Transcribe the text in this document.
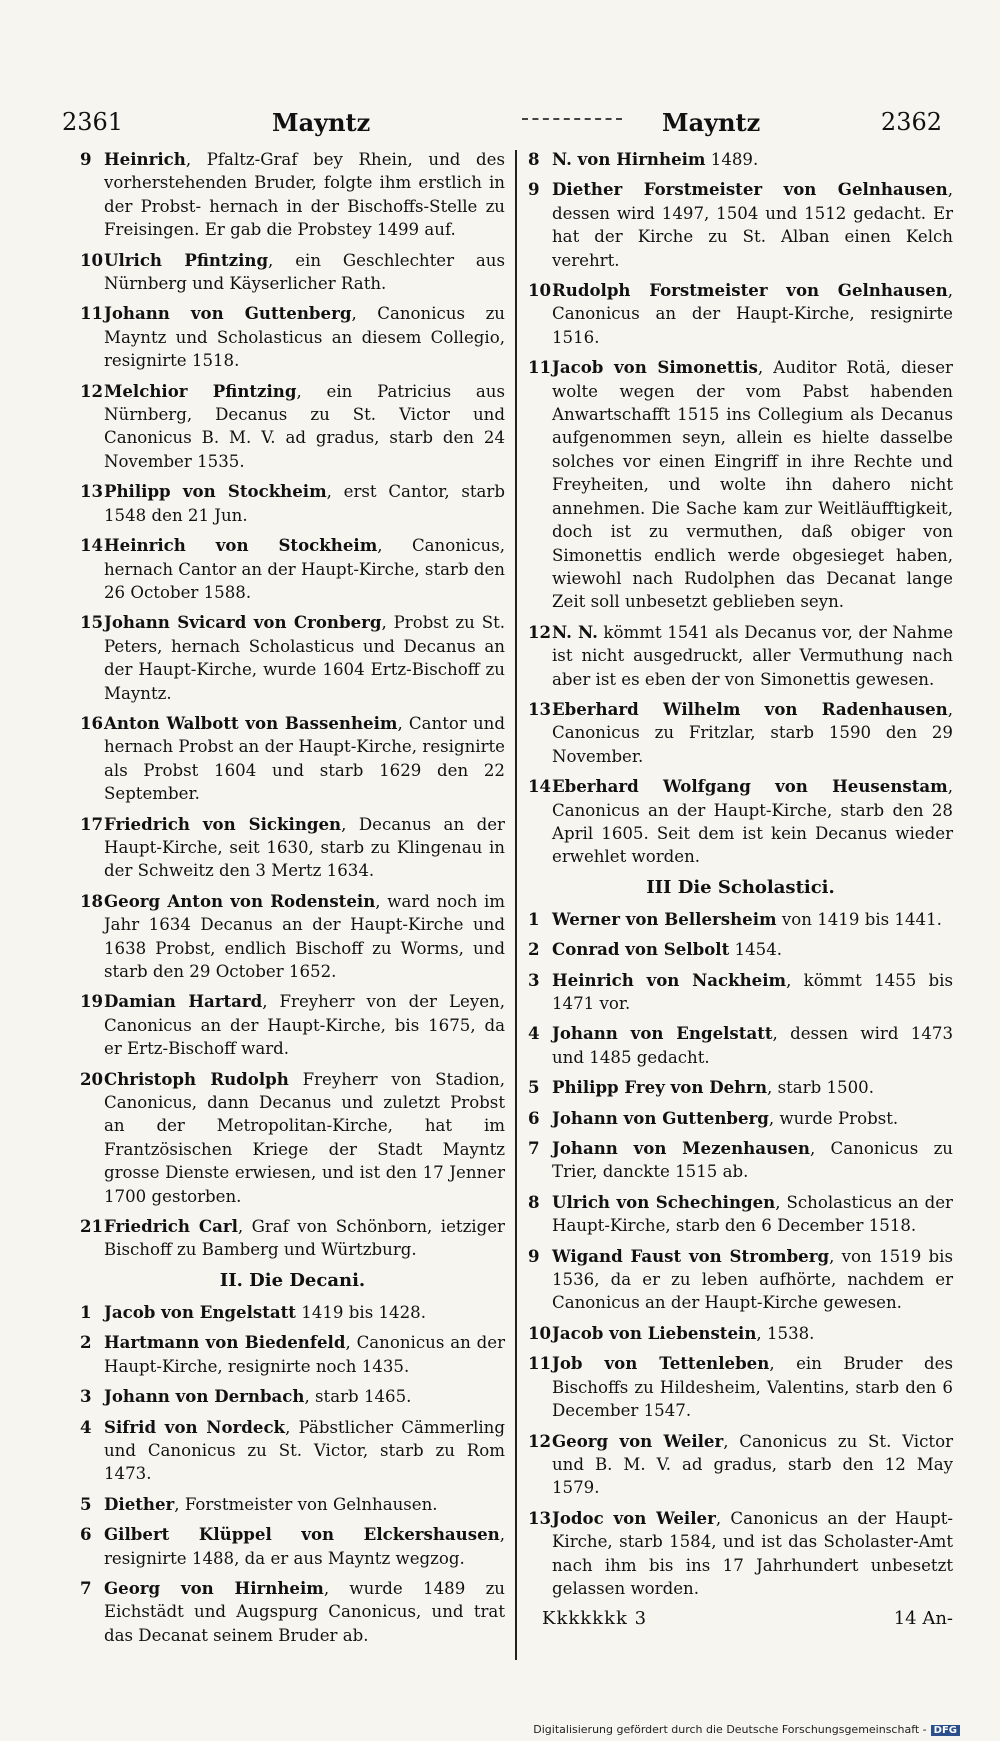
2361	Mayntz	Mayntz	2362
9 Heinrich, Pfaltz-Graf bey Rhein, und des vorherstehenden Bruder, folgte ihm erstlich in der Probst- hernach in der Bischoffs-Stelle zu Freisingen. Er gab die Probstey 1499 auf.
10Ulrich Pfintzing, ein Geschlechter aus Nürnberg und Käyserlicher Rath.
11Johann von Guttenberg, Canonicus zu Mayntz und Scholasticus an diesem Collegio, resignirte 1518.
12Melchior Pfintzing, ein Patricius aus Nürnberg, Decanus zu St. Victor und Canonicus B. M. V. ad gradus, starb den 24 November 1535.
13Philipp von Stockheim, erst Cantor, starb 1548 den 21 Jun.
14Heinrich von Stockheim, Canonicus, hernach Cantor an der Haupt-Kirche, starb den 26 October 1588.
15Johann Svicard von Cronberg, Probst zu St. Peters, hernach Scholasticus und Decanus an der Haupt-Kirche, wurde 1604 Ertz-Bischoff zu Mayntz.
16Anton Walbott von Bassenheim, Cantor und hernach Probst an der Haupt-Kirche, resignirte als Probst 1604 und starb 1629 den 22 September.
17Friedrich von Sickingen, Decanus an der Haupt-Kirche, seit 1630, starb zu Klingenau in der Schweitz den 3 Mertz 1634.
18Georg Anton von Rodenstein, ward noch im Jahr 1634 Decanus an der Haupt-Kirche und 1638 Probst, endlich Bischoff zu Worms, und starb den 29 October 1652.
19Damian Hartard, Freyherr von der Leyen, Canonicus an der Haupt-Kirche, bis 1675, da er Ertz-Bischoff ward.
20Christoph Rudolph Freyherr von Stadion, Canonicus, dann Decanus und zuletzt Probst an der Metropolitan-Kirche, hat im Frantzösischen Kriege der Stadt Mayntz grosse Dienste erwiesen, und ist den 17 Jenner 1700 gestorben.
21Friedrich Carl, Graf von Schönborn, ietziger Bischoff zu Bamberg und Würtzburg.
II. Die Decani.
1 Jacob von Engelstatt 1419 bis 1428.
2 Hartmann von Biedenfeld, Canonicus an der Haupt-Kirche, resignirte noch 1435.
3 Johann von Dernbach, starb 1465.
4 Sifrid von Nordeck, Päbstlicher Cämmerling und Canonicus zu St. Victor, starb zu Rom 1473.
5 Diether, Forstmeister von Gelnhausen.
6 Gilbert Klüppel von Elckershausen, resignirte 1488, da er aus Mayntz wegzog.
7 Georg von Hirnheim, wurde 1489 zu Eichstädt und Augspurg Canonicus, und trat das Decanat seinem Bruder ab.
8 N. von Hirnheim 1489.
9 Diether Forstmeister von Gelnhausen, dessen wird 1497, 1504 und 1512 gedacht. Er hat der Kirche zu St. Alban einen Kelch verehrt.
10Rudolph Forstmeister von Gelnhausen, Canonicus an der Haupt-Kirche, resignirte 1516.
11Jacob von Simonettis, Auditor Rotä, dieser wolte wegen der vom Pabst habenden Anwartschafft 1515 ins Collegium als Decanus aufgenommen seyn, allein es hielte dasselbe solches vor einen Eingriff in ihre Rechte und Freyheiten, und wolte ihn dahero nicht annehmen. Die Sache kam zur Weitläufftigkeit, doch ist zu vermuthen, daß obiger von Simonettis endlich werde obgesieget haben, wiewohl nach Rudolphen das Decanat lange Zeit soll unbesetzt geblieben seyn.
12N. N. kömmt 1541 als Decanus vor, der Nahme ist nicht ausgedruckt, aller Vermuthung nach aber ist es eben der von Simonettis gewesen.
13Eberhard Wilhelm von Radenhausen, Canonicus zu Fritzlar, starb 1590 den 29 November.
14Eberhard Wolfgang von Heusenstam, Canonicus an der Haupt-Kirche, starb den 28 April 1605. Seit dem ist kein Decanus wieder erwehlet worden.
III Die Scholastici.
1 Werner von Bellersheim von 1419 bis 1441.
2 Conrad von Selbolt 1454.
3 Heinrich von Nackheim, kömmt 1455 bis 1471 vor.
4 Johann von Engelstatt, dessen wird 1473 und 1485 gedacht.
5 Philipp Frey von Dehrn, starb 1500.
6 Johann von Guttenberg, wurde Probst.
7 Johann von Mezenhausen, Canonicus zu Trier, danckte 1515 ab.
8 Ulrich von Schechingen, Scholasticus an der Haupt-Kirche, starb den 6 December 1518.
9 Wigand Faust von Stromberg, von 1519 bis 1536, da er zu leben aufhörte, nachdem er Canonicus an der Haupt-Kirche gewesen.
10Jacob von Liebenstein, 1538.
11Job von Tettenleben, ein Bruder des Bischoffs zu Hildesheim, Valentins, starb den 6 December 1547.
12Georg von Weiler, Canonicus zu St. Victor und B. M. V. ad gradus, starb den 12 May 1579.
13Jodoc von Weiler, Canonicus an der Haupt-Kirche, starb 1584, und ist das Scholaster-Amt nach ihm bis ins 17 Jahrhundert unbesetzt gelassen worden.
Kkkkkkk 3	14 An-
Digitalisierung gefördert durch die Deutsche Forschungsgemeinschaft - DFG
